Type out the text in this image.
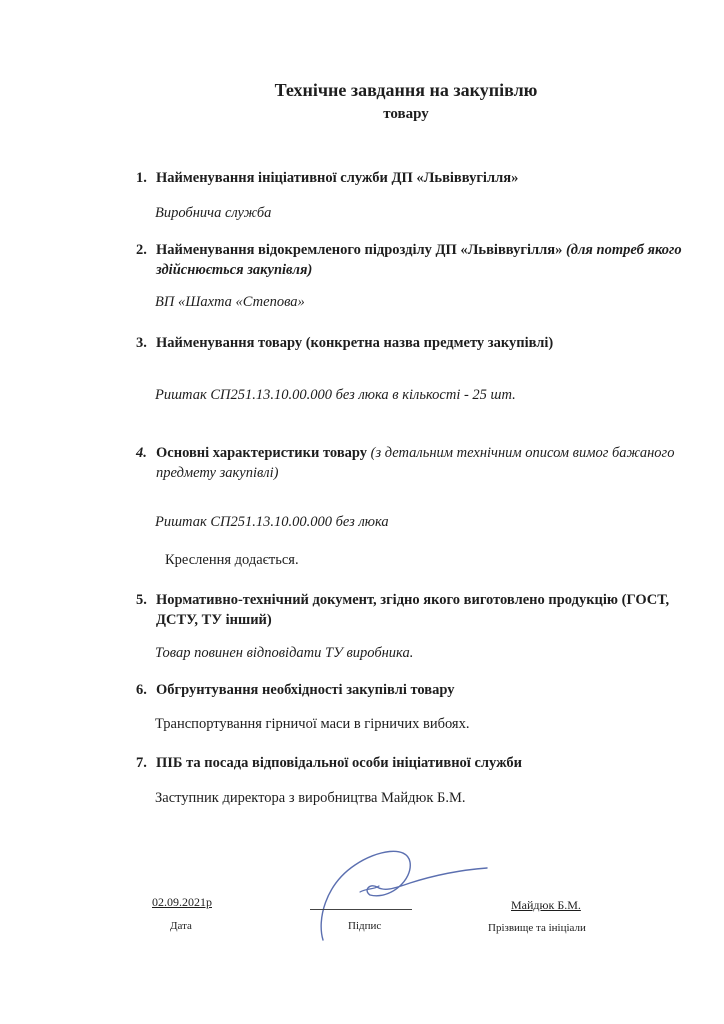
Технічне завдання на закупівлю
товару
1. Найменування ініціативної служби ДП «Львіввугілля»
Виробнича служба
2. Найменування відокремленого підрозділу ДП «Львіввугілля» (для потреб якого здійснюється закупівля)
ВП «Шахта «Степова»
3. Найменування товару (конкретна назва предмету закупівлі)
Риштак СП251.13.10.00.000 без люка в кількості - 25 шт.
4. Основні характеристики товару (з детальним технічним описом вимог бажаного предмету закупівлі)
Риштак СП251.13.10.00.000 без люка
Креслення додається.
5. Нормативно-технічний документ, згідно якого виготовлено продукцію (ГОСТ, ДСТУ, ТУ інший)
Товар повинен відповідати ТУ виробника.
6. Обгрунтування необхідності закупівлі товару
Транспортування гірничої маси в гірничих вибоях.
7. ПІБ та посада відповідальної особи ініціативної служби
Заступник директора з виробництва Майдюк Б.М.
02.09.2021р
Дата	Підпис
Майдюк Б.М.
Прізвище та ініціали
